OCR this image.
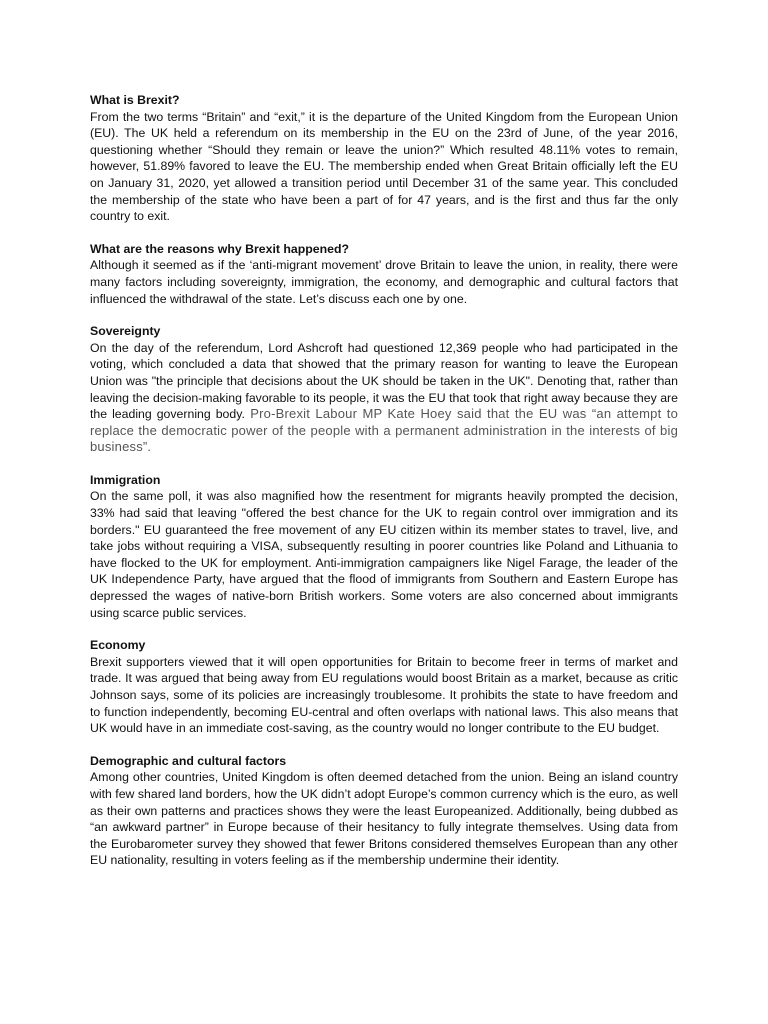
What is Brexit?

From the two terms “Britain” and “exit,” it is the departure of the United Kingdom from the European Union (EU). The UK held a referendum on its membership in the EU on the 23rd of June, of the year 2016, questioning whether “Should they remain or leave the union?” Which resulted 48.11% votes to remain, however, 51.89% favored to leave the EU. The membership ended when Great Britain officially left the EU on January 31, 2020, yet allowed a transition period until December 31 of the same year. This concluded the membership of the state who have been a part of for 47 years, and is the first and thus far the only country to exit.

What are the reasons why Brexit happened?

Although it seemed as if the ‘anti-migrant movement’ drove Britain to leave the union, in reality, there were many factors including sovereignty, immigration, the economy, and demographic and cultural factors that influenced the withdrawal of the state. Let’s discuss each one by one.

Sovereignty

On the day of the referendum, Lord Ashcroft had questioned 12,369 people who had participated in the voting, which concluded a data that showed that the primary reason for wanting to leave the European Union was "the principle that decisions about the UK should be taken in the UK". Denoting that, rather than leaving the decision-making favorable to its people, it was the EU that took that right away because they are the leading governing body. Pro-Brexit Labour MP Kate Hoey said that the EU was “an attempt to replace the democratic power of the people with a permanent administration in the interests of big business”.

Immigration

On the same poll, it was also magnified how the resentment for migrants heavily prompted the decision, 33% had said that leaving "offered the best chance for the UK to regain control over immigration and its borders." EU guaranteed the free movement of any EU citizen within its member states to travel, live, and take jobs without requiring a VISA, subsequently resulting in poorer countries like Poland and Lithuania to have flocked to the UK for employment. Anti-immigration campaigners like Nigel Farage, the leader of the UK Independence Party, have argued that the flood of immigrants from Southern and Eastern Europe has depressed the wages of native-born British workers. Some voters are also concerned about immigrants using scarce public services.

Economy

Brexit supporters viewed that it will open opportunities for Britain to become freer in terms of market and trade. It was argued that being away from EU regulations would boost Britain as a market, because as critic Johnson says, some of its policies are increasingly troublesome. It prohibits the state to have freedom and to function independently, becoming EU-central and often overlaps with national laws. This also means that UK would have in an immediate cost-saving, as the country would no longer contribute to the EU budget.

Demographic and cultural factors

Among other countries, United Kingdom is often deemed detached from the union. Being an island country with few shared land borders, how the UK didn’t adopt Europe’s common currency which is the euro, as well as their own patterns and practices shows they were the least Europeanized. Additionally, being dubbed as “an awkward partner” in Europe because of their hesitancy to fully integrate themselves. Using data from the Eurobarometer survey they showed that fewer Britons considered themselves European than any other EU nationality, resulting in voters feeling as if the membership undermine their identity.
